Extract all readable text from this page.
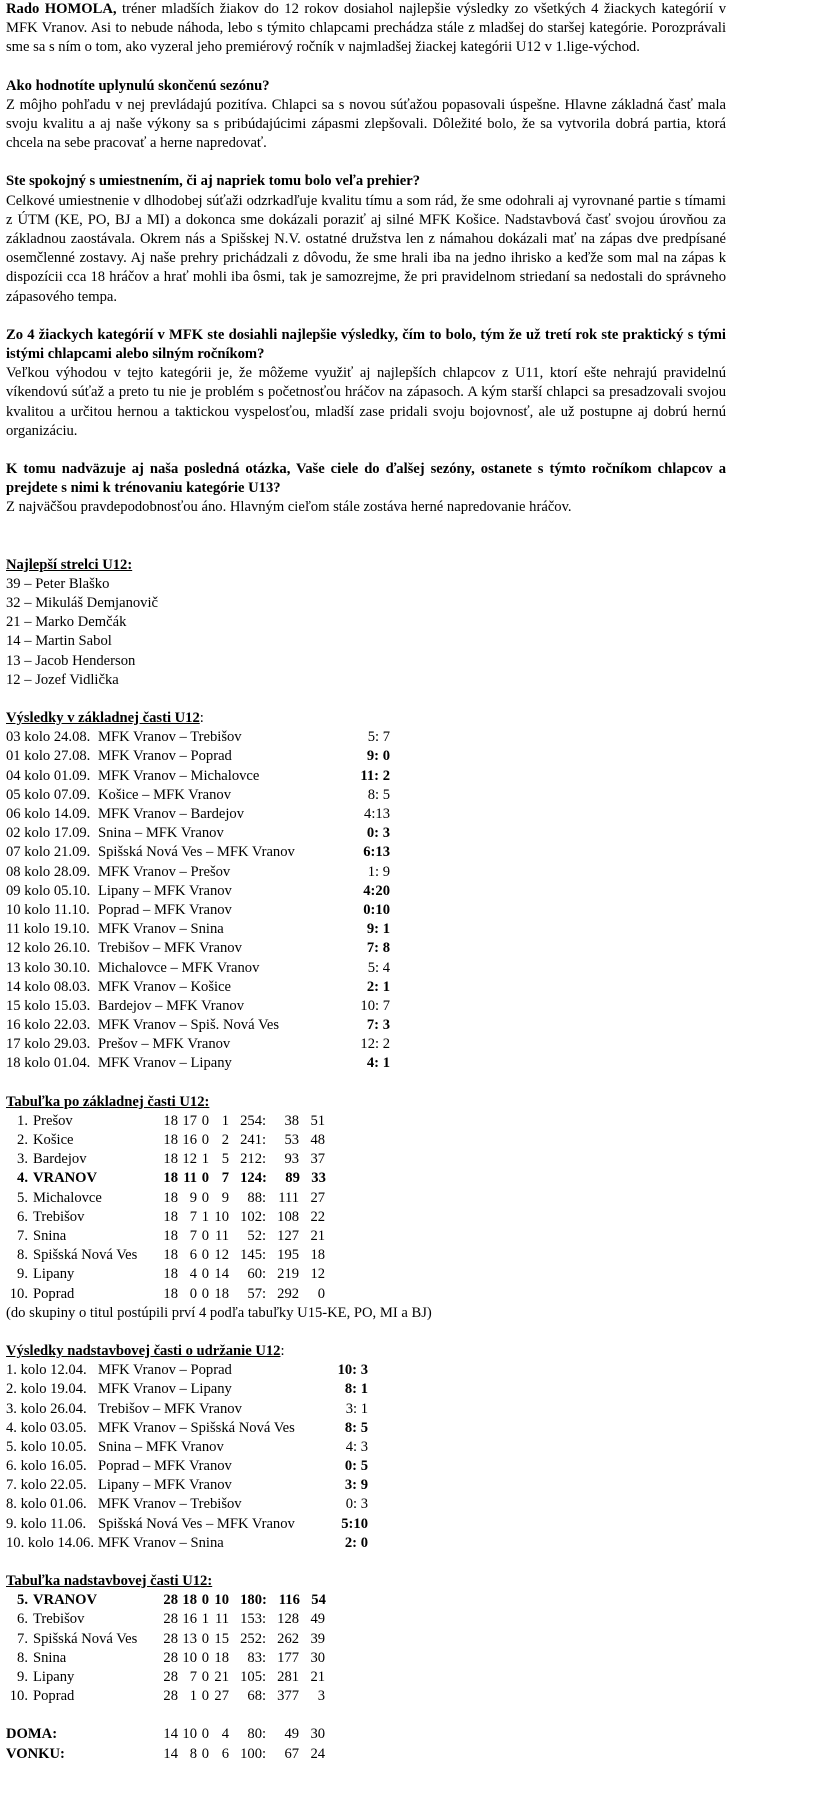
Rado HOMOLA, tréner mladších žiakov do 12 rokov dosiahol najlepšie výsledky zo všetkých 4 žiackych kategórií v MFK Vranov. Asi to nebude náhoda, lebo s týmito chlapcami prechádza stále z mladšej do staršej kategórie. Porozprávali sme sa s ním o tom, ako vyzeral jeho premiérový ročník v najmladšej žiackej kategórii U12 v 1.lige-východ.

Ako hodnotíte uplynulú skončenú sezónu?

Z môjho pohľadu v nej prevládajú pozitíva. Chlapci sa s novou súťažou popasovali úspešne. Hlavne základná časť mala svoju kvalitu a aj naše výkony sa s pribúdajúcimi zápasmi zlepšovali. Dôležité bolo, že sa vytvorila dobrá partia, ktorá chcela na sebe pracovať a herne napredovať.

Ste spokojný s umiestnením, či aj napriek tomu bolo veľa prehier?

Celkové umiestnenie v dlhodobej súťaži odzrkadľuje kvalitu tímu a som rád, že sme odohrali aj vyrovnané partie s tímami z ÚTM (KE, PO, BJ a MI) a dokonca sme dokázali poraziť aj silné MFK Košice. Nadstavbová časť svojou úrovňou za základnou zaostávala. Okrem nás a Spišskej N.V. ostatné družstva len z námahou dokázali mať na zápas dve predpísané osemčlenné zostavy. Aj naše prehry prichádzali z dôvodu, že sme hrali iba na jedno ihrisko a keďže som mal na zápas k dispozícii cca 18 hráčov a hrať mohli iba ôsmi, tak je samozrejme, že pri pravidelnom striedaní sa nedostali do správneho zápasového tempa.

Zo 4 žiackych kategórií v MFK ste dosiahli najlepšie výsledky, čím to bolo, tým že už tretí rok ste praktický s tými istými chlapcami alebo silným ročníkom?

Veľkou výhodou v tejto kategórii je, že môžeme využiť aj najlepších chlapcov z U11, ktorí ešte nehrajú pravidelnú víkendovú súťaž a preto tu nie je problém s početnosťou hráčov na zápasoch. A kým starší chlapci sa presadzovali svojou kvalitou a určitou hernou a taktickou vyspelosťou, mladší zase pridali svoju bojovnosť, ale už postupne aj dobrú hernú organizáciu.

K tomu nadväzuje aj naša posledná otázka, Vaše ciele do ďalšej sezóny, ostanete s týmto ročníkom chlapcov a prejdete s nimi k trénovaniu kategórie U13?

Z najväčšou pravdepodobnosťou áno. Hlavným cieľom stále zostáva herné napredovanie hráčov.

Najlepší strelci U12:
39 – Peter Blaško
32 – Mikuláš Demjanovič
21 – Marko Demčák
14 – Martin Sabol
13 – Jacob Henderson
12 – Jozef Vidlička
Výsledky v základnej časti U12:
03 kolo 24.08. MFK Vranov – Trebišov	5: 7
01 kolo 27.08. MFK Vranov – Poprad	9: 0
04 kolo 01.09. MFK Vranov – Michalovce	11: 2
05 kolo 07.09. Košice – MFK Vranov	8: 5
06 kolo 14.09. MFK Vranov – Bardejov	4:13
02 kolo 17.09. Snina – MFK Vranov	0: 3
07 kolo 21.09. Spišská Nová Ves – MFK Vranov	6:13
08 kolo 28.09. MFK Vranov – Prešov	1: 9
09 kolo 05.10. Lipany – MFK Vranov	4:20
10 kolo 11.10. Poprad – MFK Vranov	0:10
11 kolo 19.10. MFK Vranov – Snina	9: 1
12 kolo 26.10. Trebišov – MFK Vranov	7: 8
13 kolo 30.10. Michalovce – MFK Vranov	5: 4
14 kolo 08.03. MFK Vranov – Košice	2: 1
15 kolo 15.03. Bardejov – MFK Vranov	10: 7
16 kolo 22.03. MFK Vranov – Spiš. Nová Ves	7: 3
17 kolo 29.03. Prešov – MFK Vranov	12: 2
18 kolo 01.04. MFK Vranov – Lipany	4: 1
Tabuľka po základnej časti U12:
1. Prešov	18 17 0 1 254 :	38 51
2. Košice	18 16 0 2 241 :	53 48
3. Bardejov	18 12 1 5 212 :	93 37
4. VRANOV	18 11 0 7 124 :	89 33
5. Michalovce	18 9 0 9	88 : 111 27
6. Trebišov	18 7 1 10 102 : 108 22
7. Snina	18 7 0 11	52 : 127 21
8. Spišská Nová Ves	18 6 0 12 145 : 195 18
9. Lipany	18 4 0 14	60 : 219 12
10. Poprad	18 0 0 18	57 : 292	0
(do skupiny o titul postúpili prví 4 podľa tabuľky U15-KE, PO, MI a BJ)
Výsledky nadstavbovej časti o udržanie U12:
1. kolo 12.04. MFK Vranov – Poprad	10: 3
2. kolo 19.04. MFK Vranov – Lipany	8: 1
3. kolo 26.04. Trebišov – MFK Vranov	3: 1
4. kolo 03.05. MFK Vranov – Spišská Nová Ves	8: 5
5. kolo 10.05. Snina – MFK Vranov	4: 3
6. kolo 16.05. Poprad – MFK Vranov	0: 5
7. kolo 22.05. Lipany – MFK Vranov	3: 9
8. kolo 01.06. MFK Vranov – Trebišov	0: 3
9. kolo 11.06. Spišská Nová Ves – MFK Vranov	5:10
10. kolo 14.06. MFK Vranov – Snina	2: 0
Tabuľka nadstavbovej časti U12:
5. VRANOV	28 18 0 10 180 : 116 54
6. Trebišov	28 16 1 11 153 : 128 49
7. Spišská Nová Ves	28 13 0 15 252 : 262 39
8. Snina	28 10 0 18	83 : 177 30
9. Lipany	28 7 0 21 105 : 281 21
10. Poprad	28 1 0 27	68 : 377	3
DOMA:	14 10 0 4	80 :	49 30
VONKU:	14 8 0 6 100 :	67 24
